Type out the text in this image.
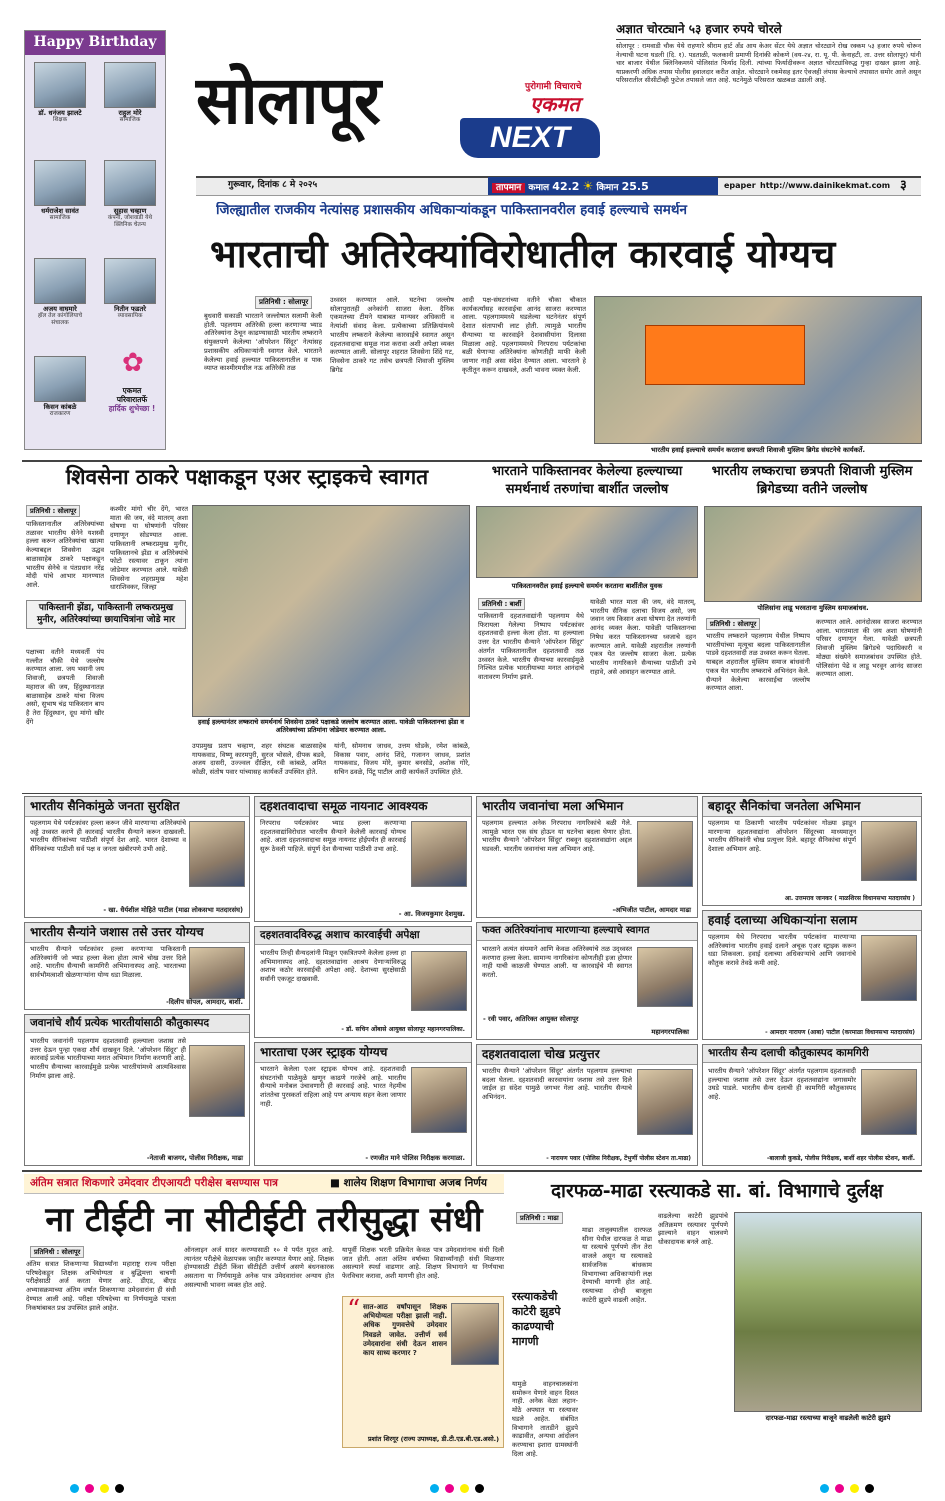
Happy Birthday
डॉ. धनंजय झालटे
शिक्षक
राहुल मोरे
सामाजिक
धर्मराजेश सावंत
सामाजिक
सुहास चव्हाण
कंपनी, जोशवाडी येथे क्लिनिक चेतन्य
अजय वाघमारे
हॉल तेल कांगोलियाचे संचालक
नितीन फडतरे
व्यावसायिक
किसन कांबळे
राजकारण
✿
एकमत
परिवारातर्फे
हार्दिक शुभेच्छा !
सोलापूर	पुरोगामी विचाराचे
एकमत
NEXT
अज्ञात चोरट्याने ५३ हजार रुपये चोरले
सोलापूर : रामवाडी चौक येथे राहणारे श्रीराम हार्ट अँड आय केअर सेंटर येथे अज्ञात चोरट्याने रोख रक्कम ५३ हजार रुपये चोरून नेल्याची घटना घडली (दि. १). पडताळी, फलकानी प्रमाणी दिनांकी कोकणे (वय-२४, रा. यू. पी. केनाहटी, ता. उत्तर सोलापूर) यांनी चार बाजार येथील क्लिनिकमध्ये पोलिसांत फिर्याद दिली. त्यांच्या फिर्यादीवरून अज्ञात चोरट्यांविरुद्ध गुन्हा दाखल झाला आहे. याप्रकरणी अधिक तपास पोलीस हवालदार करीत आहेत. चोरट्याने रकमेसह इतर ऐवजही लंपास केल्याचे तपासात समोर आले असून परिसरातील सीसीटीव्ही फुटेज तपासले जात आहे. घटनेमुळे परिसरात खळबळ उडाली आहे.
गुरूवार, दिनांक ८ मे २०२५	तापमान कमाल 42.2 ☀ किमान 25.5	epaper http://www.dainikekmat.com ३
जिल्ह्यातील राजकीय नेत्यांसह प्रशासकीय अधिकाऱ्यांकडून पाकिस्तानवरील हवाई हल्ल्याचे समर्थन
भारताची अतिरेक्यांविरोधातील कारवाई योग्यच
प्रतिनिधी : सोलापूर
बुधवारी सकाळी भारताने जल्लोषात सलामी केली होती. पहलगाम अतिरेकी हल्ला करणाऱ्या भ्याड अतिरेक्यांना ठेचून काढण्यासाठी भारतीय लष्कराने संयुक्तपणे केलेल्या 'ऑपरेशन सिंदूर' नेत्यांसह प्रशासकीय अधिकाऱ्यांनी स्वागत केले. भारताने केलेल्या हवाई हल्ल्यात पाकिस्तानातील व पाक व्याप्त काश्मीरमधील नऊ अतिरेकी तळ
उध्वस्त करण्यात आले. घटनेचा जल्लोष सोलापुरातही अनेकांनी साजरा केला. दैनिक एकमतच्या टीमने याबाबत मान्यवर अधिकारी व नेत्यांशी संवाद केला. प्रत्येकाच्या प्रतिक्रियांमध्ये भारतीय लष्कराने केलेल्या कारवाईचे स्वागत असून दहशतवादाचा समूळ नाश करावा अशी अपेक्षा व्यक्त करण्यात आली. सोलापूर शहरात शिवसेना शिंदे गट, शिवसेना ठाकरे गट तसेच छत्रपती शिवाजी मुस्लिम ब्रिगेड
आदी पक्ष-संघटनांच्या वतीने चौका चौकात कार्यकर्त्यांसह कारवाईचा आनंद साजरा करण्यात आला. पहलगाममध्ये घडलेल्या घटनेनंतर संपूर्ण देशात संतापाची लाट होती. त्यामुळे भारतीय सैन्याच्या या कारवाईने देशवासीयांना दिलासा मिळाला आहे. पहलगाममध्ये निरपराध पर्यटकांचा बळी घेणाऱ्या अतिरेक्यांना कोणतीही माफी केली जाणार नाही असा संदेश देण्यात आला. भारताने हे कृतीतून करून दाखवले, अशी भावना व्यक्त केली.
भारतीय हवाई हल्ल्याचे समर्थन करताना छत्रपती शिवाजी मुस्लिम ब्रिगेड संघटनेचे कार्यकर्ते.
शिवसेना ठाकरे पक्षाकडून एअर स्ट्राइकचे स्वागत
प्रतिनिधी : सोलापूर
पाकिस्तानातील अतिरेक्यांच्या तळावर भारतीय सेनेने यशस्वी हल्ला करून अतिरेक्यांचा खात्मा केल्याबद्दल शिवसेना उद्धव बाळासाहेब ठाकरे पक्षाकडून भारतीय सेनेचे व पंतप्रधान नरेंद्र मोदी यांचे आभार मानण्यात आले.
पाकिस्तानी झेंडा, पाकिस्तानी लष्करप्रमुख मुनीर, अतिरेक्यांच्या छायाचित्रांना जोडे मार
पक्षाच्या वतीने मध्यवर्ती पंप गल्लीत चौकी येथे जल्लोष करण्यात आला. जय भवानी जय शिवाजी, छत्रपती शिवाजी महाराज की जय, हिंदुस्थानातज्ञ बाळासाहेब ठाकरे यांचा विजय असो, सुभाष चंद्र पाकिस्तान बाप है तेरा हिंदुस्थान, दूध मांगो खीर देंगे
कश्मीर मांगो चीर देंगे, भारत माता की जय, वंदे मातरम् अशा घोषणा या घोषणांनी परिसर दणाणून सोडण्यात आला. पाकिस्तानी लष्करप्रमुख मुनीर, पाकिस्तानचे झेंडा व अतिरेक्यांचे फोटो रस्त्यावर टाकून त्यांना जोडेमार करण्यात आले. यावेळी शिवसेना शहरप्रमुख महेश धाराशिवकर, जिल्हा
हवाई हल्ल्यानंतर लष्कराचे समर्थनार्थ शिवसेना ठाकरे पक्षाकडे जल्लोष करण्यात आला. यावेळी पाकिस्तानचा झेंडा व अतिरेक्यांच्या प्रतिमांना जोडेमार करण्यात आला.
उपप्रमुख प्रताप चव्हाण, शहर संघटक बाळासाहेब गायकवाड, विष्णू कारमपुरी, सुरज भोसले, दीपक बडवे, अजय दासरी, उज्ज्वल दीक्षित, रवी कांबळे, अमित कोळी, संतोष पवार यांच्यासह कार्यकर्ते उपस्थित होते.
यांनी, सोमनाथ जाधव, उत्तम घोडके, रमेश कांबळे, विकास पवार, आनंद शिंदे, गजानन जाधव, प्रशांत गायकवाड, विजय मोरे, कुमार बनसोडे, अशोक गोरे, सचिन ढवळे, पिंटू पाटील आदी कार्यकर्ते उपस्थित होते.
भारताने पाकिस्तानवर केलेल्या हल्ल्याच्या समर्थनार्थ तरुणांचा बार्शीत जल्लोष
पाकिस्तानवरील हवाई हल्ल्याचे समर्थन करताना बार्शीतील युवक
प्रतिनिधी : बार्शी
पाकिस्तानी दहशतवाद्यांनी पहलगाम येथे फिरायला गेलेल्या निष्पाप पर्यटकांवर दहशतवादी हल्ला केला होता. या हल्ल्याला उत्तर देत भारतीय सैन्याने 'ऑपरेशन सिंदूर' अंतर्गत पाकिस्तानातील दहशतवादी तळ उध्वस्त केले. भारतीय सैन्याच्या कारवाईमुळे निश्चित प्रत्येक भारतीयाच्या मनात आनंदाचे वातावरण निर्माण झाले.
यावेळी भारत माता की जय, वंदे मातरम्, भारतीय सैनिक दलाचा विजय असो, जय जवान जय किसान अशा घोषणा देत तरुणांनी आनंद व्यक्त केला. यावेळी पाकिस्तानचा निषेध करत पाकिस्तानच्या ध्वजाचे दहन करण्यात आले. यावेळी शहरातील तरुणांनी एकत्र येत जल्लोष साजरा केला. प्रत्येक भारतीय नागरिकाने सैन्याच्या पाठीशी उभे राहावे, असे आवाहन करण्यात आले.
भारतीय लष्कराचा छत्रपती शिवाजी मुस्लिम ब्रिगेडच्या वतीने जल्लोष
पोलिसांना लाडू भरवताना मुस्लिम समाजबांधव.
प्रतिनिधी : सोलापूर
भारतीय लष्कराने पहलगाम येथील निष्पाप भारतीयांच्या मृत्यूचा बदला पाकिस्तानातील पाडवे दहशतवादी तळ उध्वस्त करून घेतला. याबद्दल शहरातील मुस्लिम समाज बांधवांनी एकत्र येत भारतीय लष्कराचे अभिनंदन केले. सैन्याने केलेल्या कारवाईचा जल्लोष करण्यात आला.
करण्यात आले. आनंदोत्सव साजरा करण्यात आला. भारतमाता की जय अशा घोषणांनी परिसर दणाणून गेला. यावेळी छत्रपती शिवाजी मुस्लिम ब्रिगेडचे पदाधिकारी व मोठ्या संख्येने समाजबांधव उपस्थित होते. पोलिसांना पेढे व लाडू भरवून आनंद साजरा करण्यात आला.
भारतीय सैनिकांमुळे जनता सुरक्षित
पहलगाम येथे पर्यटकांवर हल्ला करून जीवे मारणाऱ्या अतिरेक्यांचे अड्डे उध्वस्त करणे ही कारवाई भारतीय सैन्याने करून दाखवली. भारतीय सैनिकांच्या पाठीशी संपूर्ण देश आहे. भारत देशाच्या व सैनिकांच्या पाठीशी सर्व पक्ष व जनता खंबीरपणे उभी आहे.
- खा. धैर्यशील मोहिते पाटील (माढा लोकसभा मतदारसंघ)
भारतीय सैन्यांने जशास तसे उत्तर योग्यच
भारतीय सैन्याने पर्यटकांवर हल्ला करणाऱ्या पाकिस्तानी अतिरेक्यांनी जो भ्याड हल्ला केला होता त्याचे चोख उत्तर दिले आहे. भारतीय सैन्याची कामगिरी अभिमानास्पद आहे. भारताच्या सार्वभौमत्वाशी खेळणाऱ्यांना योग्य धडा मिळाला.
-दिलीप सोपल, आमदार, बार्शी.
जवानांचे शौर्य प्रत्येक भारतीयांसाठी कौतुकास्पद
भारतीय जवानांनी पहलगाम दहशतवादी हल्ल्याला जशास तसे उत्तर देऊन पुन्हा एकदा शौर्य दाखवून दिले. 'ऑपरेशन सिंदूर' ही कारवाई प्रत्येक भारतीयाच्या मनात अभिमान निर्माण करणारी आहे. भारतीय सैन्याच्या कारवाईमुळे प्रत्येक भारतीयांमध्ये आत्मविश्वास निर्माण झाला आहे.
-नेताजी बाजगर, पोलीस निरीक्षक, माढा
दहशतवादाचा समूळ नायनाट आवश्यक
निरपराध पर्यटकांवर भ्याड हल्ला करणाऱ्या दहशतवाद्यांविरोधात भारतीय सैन्याने केलेली कारवाई योग्यच आहे. आता दहशतवादाचा समूळ नायनाट होईपर्यंत ही कारवाई सुरू ठेवली पाहिजे. संपूर्ण देश सैन्याच्या पाठीशी उभा आहे.
- आ. विजयकुमार देशमुख.
दहशतवादविरुद्ध अशाच कारवाईची अपेक्षा
भारतीय तिन्ही सैन्यदलांनी मिळून एकत्रितपणे केलेला हल्ला हा अभिमानास्पद आहे. दहशतवाद्यांना आश्रय देणाऱ्यांविरुद्ध अशाच कठोर कारवाईची अपेक्षा आहे. देशाच्या सुरक्षेसाठी सर्वांनी एकजूट दाखवावी.
- डॉ. सचिन ओंबासे आयुक्त सोलापूर महानगरपालिका.
भारताचा एअर स्ट्राइक योग्यच
भारताने केलेला एअर स्ट्राइक योग्यच आहे. दहशतवादी संघटनांची पाळेमुळे खणून काढणे गरजेचे आहे. भारतीय सैन्याचे मनोबल उंचावणारी ही कारवाई आहे. भारत नेहमीच शांततेचा पुरस्कर्ता राहिला आहे पण अन्याय सहन केला जाणार नाही.
- रणजीत माने पोलिस निरीक्षक करमाळा.
भारतीय जवानांचा मला अभिमान
पहलगाम हल्ल्यात अनेक निरपराध नागरिकांचे बळी गेले. त्यामुळे भारत एक संघ होऊन या घटनेचा बदला घेणार होता. भारतीय सैन्याने 'ऑपरेशन सिंदूर' राबवून दहशतवाद्यांना अद्दल घडवली. भारतीय जवानांचा मला अभिमान आहे.
-अभिजीत पाटील, आमदार माढा
फक्त अतिरेक्यांनाच मारणाऱ्या हल्ल्याचे स्वागत
भारताने अत्यंत संयमाने आणि केवळ अतिरेक्यांचे तळ उद्ध्वस्त करणारा हल्ला केला. सामान्य नागरिकांना कोणतीही इजा होणार नाही याची काळजी घेण्यात आली. या कारवाईचे मी स्वागत करतो.
- रवी पवार, अतिरिक्त आयुक्त सोलापूर
महानगरपालिका
दहशतवादाला चोख प्रत्युत्तर
भारतीय सैन्याने 'ऑपरेशन सिंदूर' अंतर्गत पहलगाम हल्ल्याचा बदला घेतला. दहशतवादी कारवायांना जशास तसे उत्तर दिले जाईल हा संदेश यामुळे जगभर गेला आहे. भारतीय सैन्याचे अभिनंदन.
- नारायण पवार (पोलिस निरीक्षक, टेंभुर्णी पोलीस स्टेशन ता.माढा)
बहादूर सैनिकांचा जनतेला अभिमान
पहलगाम या ठिकाणी भारतीय पर्यटकांवर गोळ्या झाडून मारणाऱ्या दहशतवाद्यांना ऑपरेशन सिंदूरच्या माध्यमातून भारतीय सैनिकांनी चोख प्रत्युत्तर दिले. बहादूर सैनिकांचा संपूर्ण देशाला अभिमान आहे.
आ. उत्तमराव जानकर ( माळशिरस विधानसभा मतदारसंघ )
हवाई दलाच्या अधिकाऱ्यांना सलाम
पहलगाम येथे निरपराध भारतीय पर्यटकांना मारणाऱ्या अतिरेक्यांना भारतीय हवाई दलाने अचूक एअर स्ट्राइक करून धडा शिकवला. हवाई दलाच्या अधिकाऱ्यांचे आणि जवानांचे कौतुक करावे तेवढे कमी आहे.
- आमदार नारायण (आबा) पाटील (करमाळा विधानसभा मतदारसंघ)
भारतीय सैन्य दलाची कौतुकास्पद कामगिरी
भारतीय सैन्याने 'ऑपरेशन सिंदूर' अंतर्गत पहलगाम दहशतवादी हल्ल्याचा जशास तसे उत्तर देऊन दहशतवाद्यांना जगासमोर उघडे पाडले. भारतीय सैन्य दलाची ही कामगिरी कौतुकास्पद आहे.
-बालाजी कुकडे, पोलीस निरीक्षक, बार्शी शहर पोलीस स्टेशन, बार्शी.
अंतिम सत्रात शिकणारे उमेदवार टीएआयटी परीक्षेस बसण्यास पात्र	■ शालेय शिक्षण विभागाचा अजब निर्णय
ना टीईटी ना सीटीईटी तरीसुद्धा संधी
प्रतिनिधी : सोलापूर
अंतिम सत्रात शिकणाऱ्या विद्यार्थ्यांना महाराष्ट्र राज्य परीक्षा परिषदेकडून शिक्षक अभियोग्यता व बुद्धिमत्ता चाचणी परीक्षेसाठी अर्ज करता येणार आहे. डीएड, बीएड अभ्यासक्रमाच्या अंतिम वर्षात शिकणाऱ्या उमेदवारांना ही संधी देण्यात आली आहे. परीक्षा परिषदेच्या या निर्णयामुळे पात्रता निकषांबाबत प्रश्न उपस्थित झाले आहेत.
ऑनलाइन अर्ज सादर करण्यासाठी १० मे पर्यंत मुदत आहे. त्यानंतर परीक्षेचे वेळापत्रक जाहीर करण्यात येणार आहे. शिक्षक होण्यासाठी टीईटी किंवा सीटीईटी उत्तीर्ण असणे बंधनकारक असताना या निर्णयामुळे अनेक पात्र उमेदवारांवर अन्याय होत असल्याची भावना व्यक्त होत आहे.
यापूर्वी शिक्षक भरती प्रक्रियेत केवळ पात्र उमेदवारांनाच संधी दिली जात होती. आता अंतिम वर्षाच्या विद्यार्थ्यांनाही संधी मिळणार असल्याने स्पर्धा वाढणार आहे. शिक्षण विभागाने या निर्णयाचा फेरविचार करावा, अशी मागणी होत आहे.
“ सात-आठ वर्षांपासून शिक्षक अभियोग्यता परीक्षा झाली नाही. अधिक गुणवत्तेचे उमेदवार निवडले जावेत. उत्तीर्ण सर्व उमेदवारांना संधी देऊन शासन काय साध्य करणार ?
प्रशांत शिरगूर (राज्य उपाध्यक्ष, डी.टी.एड.बी.एड.असो.)
दारफळ-माढा रस्त्याकडे सा. बां. विभागाचे दुर्लक्ष
प्रतिनिधी : माढा
रस्त्याकडेची काटेरी झुडपे काढण्याची मागणी
माढा तालुक्यातील दारफळ सीना येथील दारफळ ते माढा या रस्त्याचे पूर्णपणे तीन तेरा वाजले असून या रस्त्याकडे सार्वजनिक बांधकाम विभागाच्या अधिकाऱ्यांनी लक्ष देण्याची मागणी होत आहे. रस्त्याच्या दोन्ही बाजूला काटेरी झुडपे वाढली आहेत.
यामुळे वाहनचालकांना समोरून येणारे वाहन दिसत नाही. अनेक वेळा लहान-मोठे अपघात या रस्त्यावर घडले आहेत. संबंधित विभागाने तातडीने झुडपे काढावीत, अन्यथा आंदोलन करण्याचा इशारा ग्रामस्थांनी दिला आहे.
वाढलेल्या काटेरी झुडपांचे अतिक्रमण रस्त्यावर पूर्णपणे झाल्याने वाहन चालवणे धोकादायक बनले आहे.
दारफळ-माढा रस्त्याच्या बाजूने वाढलेली काटेरी झुडपे
